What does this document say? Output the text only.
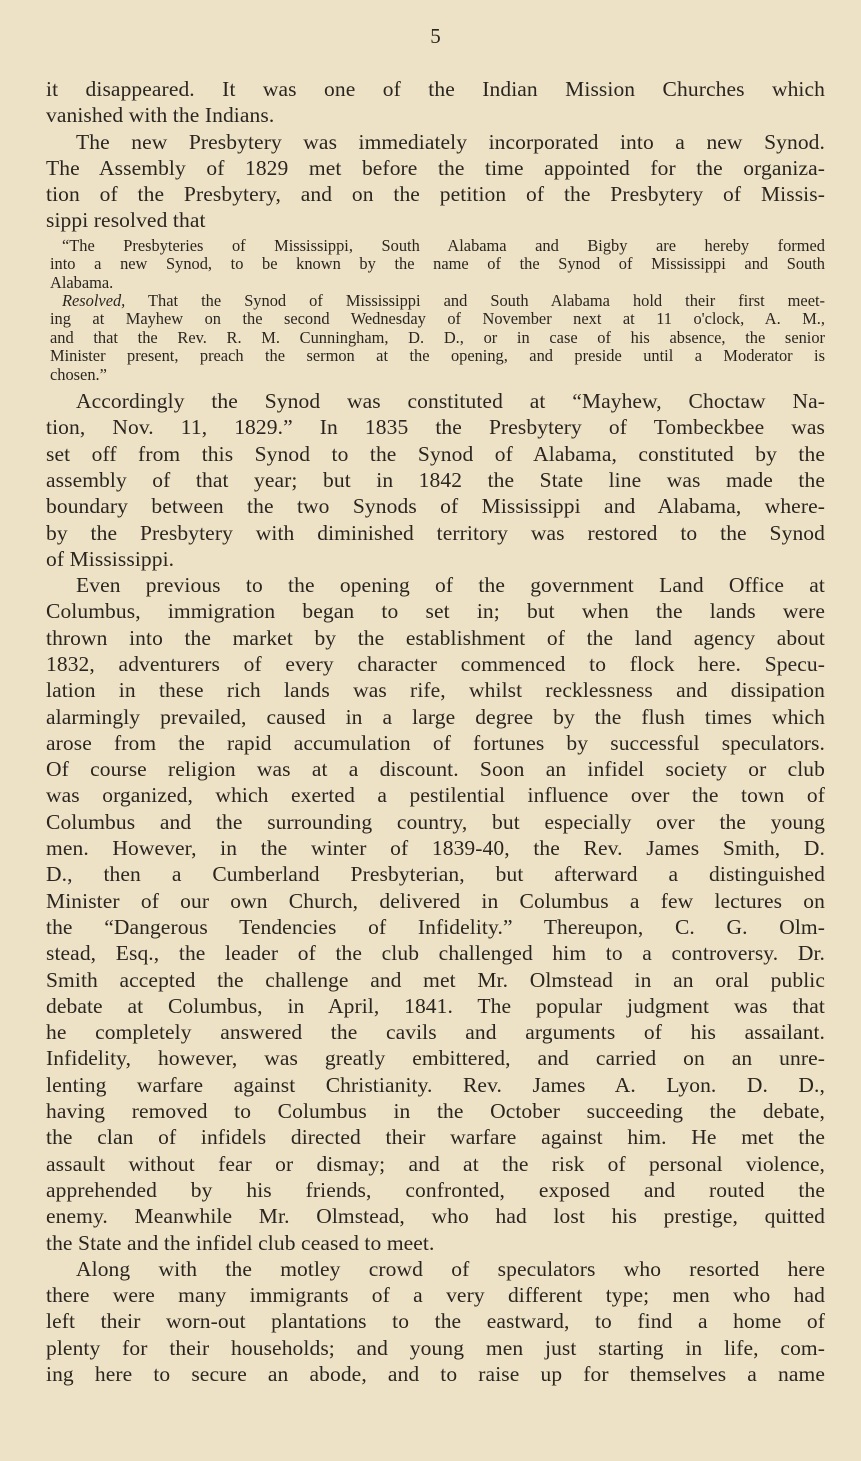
5
it disappeared. It was one of the Indian Mission Churches which
vanished with the Indians.
The new Presbytery was immediately incorporated into a new Synod.
The Assembly of 1829 met before the time appointed for the organiza-
tion of the Presbytery, and on the petition of the Presbytery of Missis-
sippi resolved that
“The Presbyteries of Mississippi, South Alabama and Bigby are hereby formed
into a new Synod, to be known by the name of the Synod of Mississippi and South
Alabama.
Resolved, That the Synod of Mississippi and South Alabama hold their first meet-
ing at Mayhew on the second Wednesday of November next at 11 o'clock, A. M.,
and that the Rev. R. M. Cunningham, D. D., or in case of his absence, the senior
Minister present, preach the sermon at the opening, and preside until a Moderator is
chosen.”
Accordingly the Synod was constituted at “Mayhew, Choctaw Na-
tion, Nov. 11, 1829.” In 1835 the Presbytery of Tombeckbee was
set off from this Synod to the Synod of Alabama, constituted by the
assembly of that year; but in 1842 the State line was made the
boundary between the two Synods of Mississippi and Alabama, where-
by the Presbytery with diminished territory was restored to the Synod
of Mississippi.
Even previous to the opening of the government Land Office at
Columbus, immigration began to set in; but when the lands were
thrown into the market by the establishment of the land agency about
1832, adventurers of every character commenced to flock here. Specu-
lation in these rich lands was rife, whilst recklessness and dissipation
alarmingly prevailed, caused in a large degree by the flush times which
arose from the rapid accumulation of fortunes by successful speculators.
Of course religion was at a discount. Soon an infidel society or club
was organized, which exerted a pestilential influence over the town of
Columbus and the surrounding country, but especially over the young
men. However, in the winter of 1839-40, the Rev. James Smith, D.
D., then a Cumberland Presbyterian, but afterward a distinguished
Minister of our own Church, delivered in Columbus a few lectures on
the “Dangerous Tendencies of Infidelity.” Thereupon, C. G. Olm-
stead, Esq., the leader of the club challenged him to a controversy. Dr.
Smith accepted the challenge and met Mr. Olmstead in an oral public
debate at Columbus, in April, 1841. The popular judgment was that
he completely answered the cavils and arguments of his assailant.
Infidelity, however, was greatly embittered, and carried on an unre-
lenting warfare against Christianity. Rev. James A. Lyon. D. D.,
having removed to Columbus in the October succeeding the debate,
the clan of infidels directed their warfare against him. He met the
assault without fear or dismay; and at the risk of personal violence,
apprehended by his friends, confronted, exposed and routed the
enemy. Meanwhile Mr. Olmstead, who had lost his prestige, quitted
the State and the infidel club ceased to meet.
Along with the motley crowd of speculators who resorted here
there were many immigrants of a very different type; men who had
left their worn-out plantations to the eastward, to find a home of
plenty for their households; and young men just starting in life, com-
ing here to secure an abode, and to raise up for themselves a name
